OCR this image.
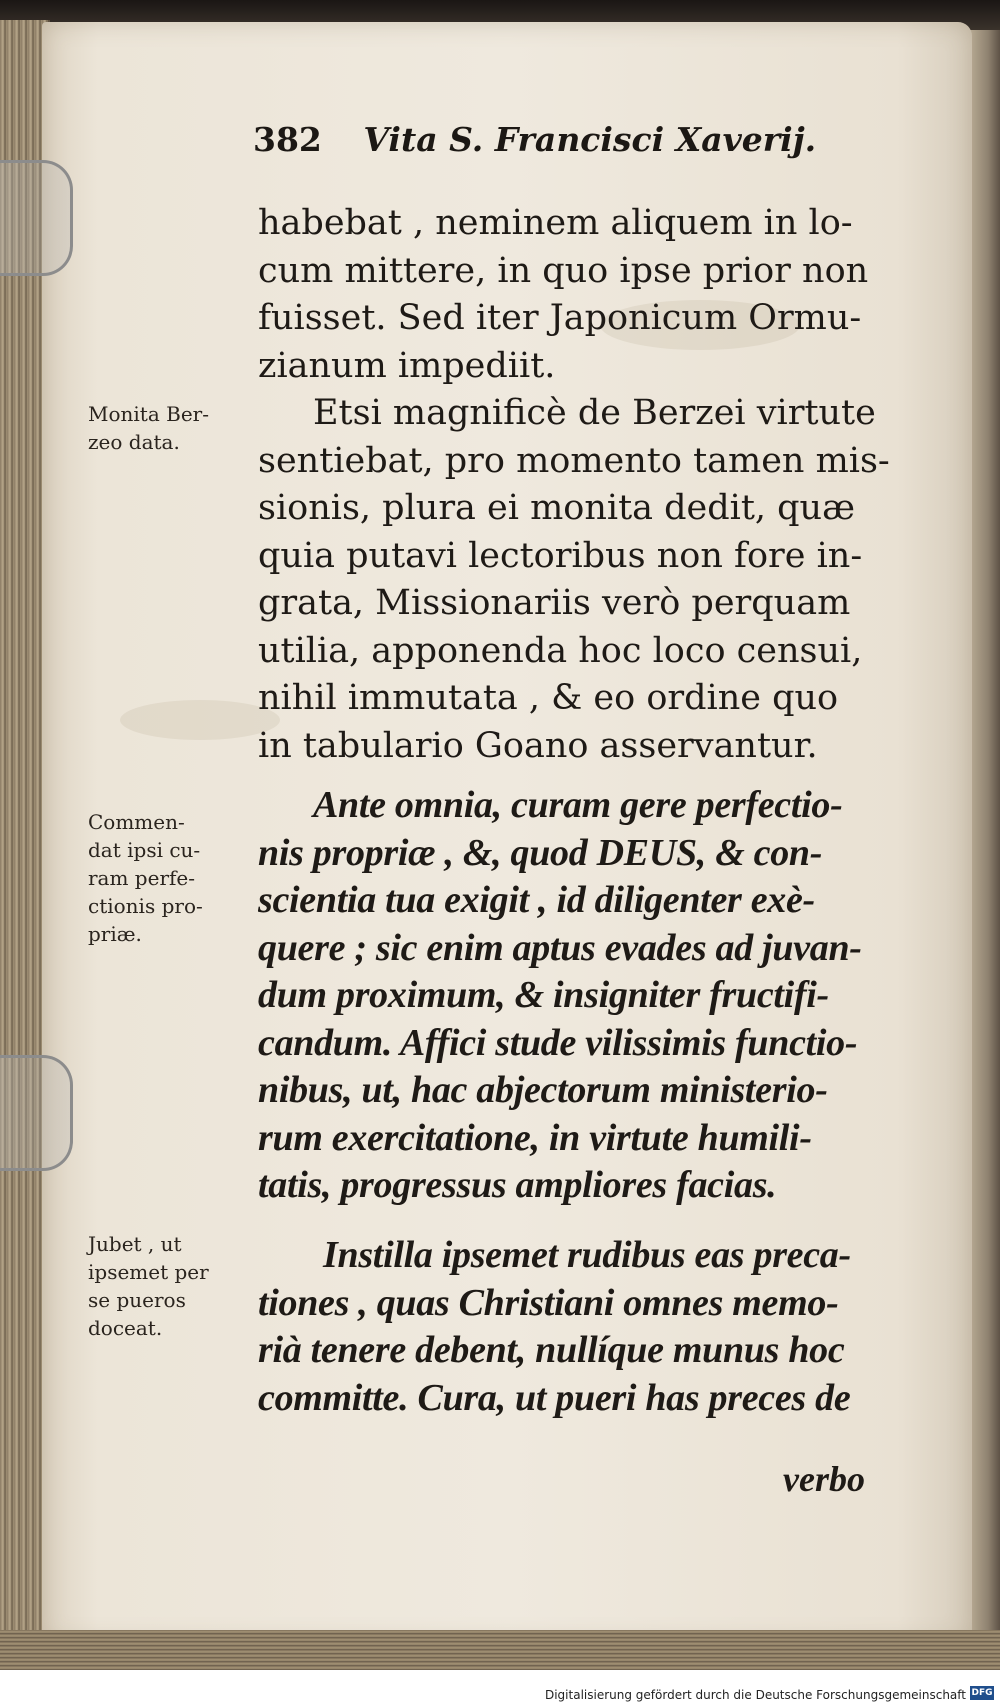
382 Vita S. Francisci Xaverij.
habebat , neminem aliquem in lo-
cum mittere, in quo ipse prior non
fuisset. Sed iter Japonicum Ormu-
zianum impediit.
Etsi magnificè de Berzei virtute
sentiebat, pro momento tamen mis-
sionis, plura ei monita dedit, quæ
quia putavi lectoribus non fore in-
grata, Missionariis verò perquam
utilia, apponenda hoc loco censui,
nihil immutata , & eo ordine quo
in tabulario Goano asservantur.
Ante omnia, curam gere perfectio-
nis propriæ , &, quod DEUS, & con-
scientia tua exigit , id diligenter exè-
quere ; sic enim aptus evades ad juvan-
dum proximum, & insigniter fructifi-
candum. Affici stude vilissimis functio-
nibus, ut, hac abjectorum ministerio-
rum exercitatione, in virtute humili-
tatis, progressus ampliores facias.
Instilla ipsemet rudibus eas preca-
tiones , quas Christiani omnes memo-
rià tenere debent, nullíque munus hoc
committe. Cura, ut pueri has preces de
verbo
Monita Ber-
zeo data.
Commen-
dat ipsi cu-
ram perfe-
ctionis pro-
priæ.
Jubet , ut
ipsemet per
se pueros
doceat.
Digitalisierung gefördert durch die Deutsche Forschungsgemeinschaft DFG
